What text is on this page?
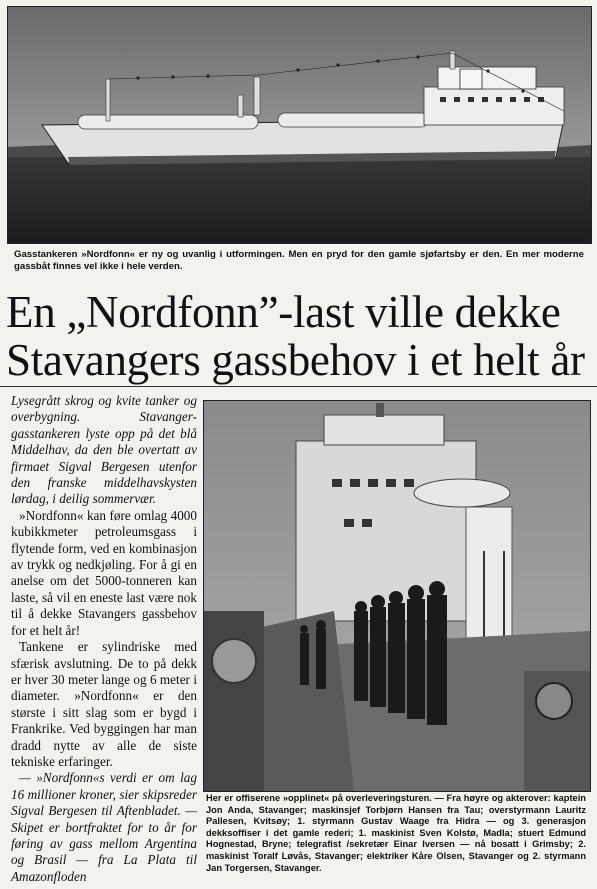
Gasstankeren »Nordfonn« er ny og uvanlig i utformingen. Men en pryd for den gamle sjøfartsby er den. En mer moderne gassbåt finnes vel ikke i hele verden.
En „Nordfonn”-last ville dekke
Stavangers gassbehov i et helt år

Lysegrått skrog og kvite tanker og overbygning. Stavanger-gasstankeren lyste opp på det blå Middelhav, da den ble overtatt av firmaet Sigval Bergesen utenfor den franske middelhavskysten lørdag, i deilig sommervær.

»Nordfonn« kan føre omlag 4000 kubikkmeter petroleumsgass i flytende form, ved en kombinasjon av trykk og nedkjøling. For å gi en anelse om det 5000-tonneren kan laste, så vil en eneste last være nok til å dekke Stavangers gassbehov for et helt år!

Tankene er sylindriske med sfærisk avslutning. De to på dekk er hver 30 meter lange og 6 meter i diameter. »Nordfonn« er den største i sitt slag som er bygd i Frankrike. Ved byggingen har man dradd nytte av alle de siste tekniske erfaringer.

— »Nordfonn«s verdi er om lag 16 millioner kroner, sier skipsreder Sigval Bergesen til Aftenbladet. — Skipet er bortfraktet for to år for føring av gass mellom Argentina og Brasil — fra La Plata til Amazonfloden

Her er offiserene »opplinet« på overleveringsturen. — Fra høyre og akterover: kaptein Jon Anda, Stavanger; maskinsjef Torbjørn Hansen fra Tau; overstyrmann Lauritz Pallesen, Kvitsøy; 1. styrmann Gustav Waage fra Hidra — og 3. generasjon dekksoffiser i det gamle rederi; 1. maskinist Sven Kolstø, Madla; stuert Edmund Hognestad, Bryne; telegrafist /sekretær Einar Iversen — nå bosatt i Grimsby; 2. maskinist Toralf Løvås, Stavanger; elektriker Kåre Olsen, Stavanger og 2. styrmann Jan Torgersen, Stavanger.
